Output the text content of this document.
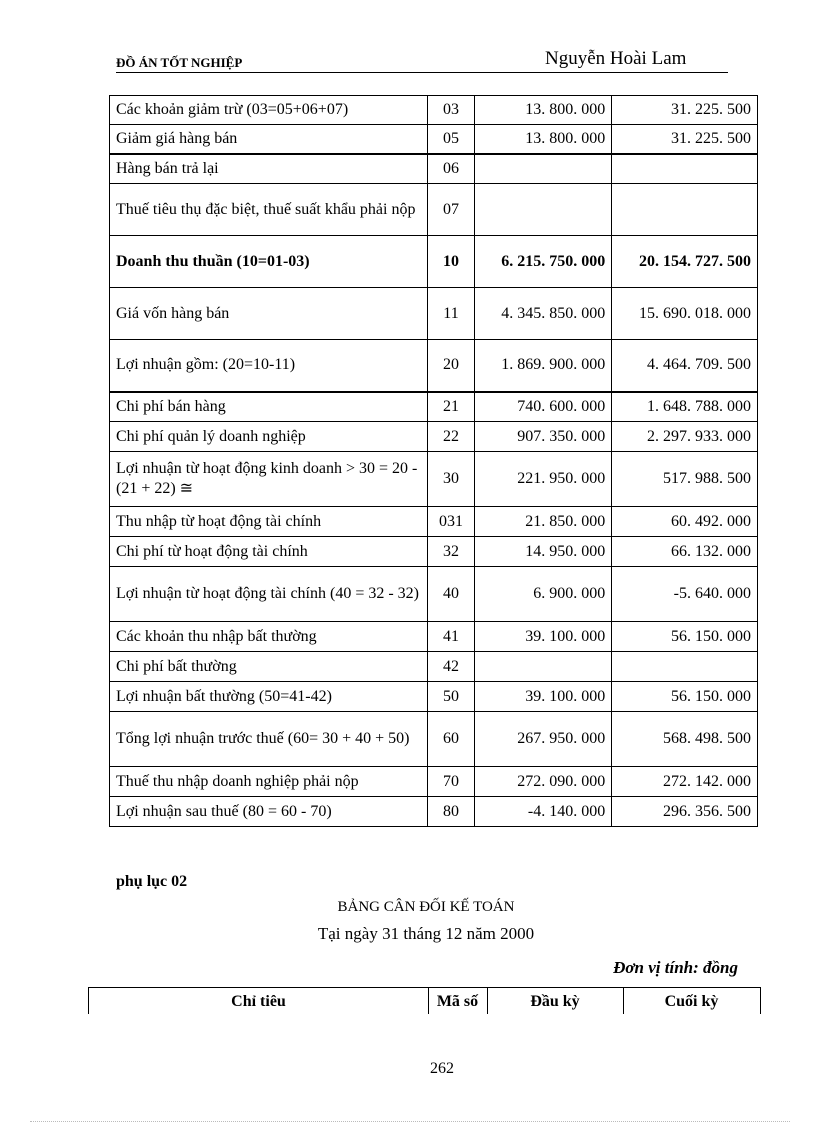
ĐỒ ÁN TỐT NGHIỆP	Nguyễn Hoài Lam
Các khoản giảm trừ (03=05+06+07)	03	13. 800. 000	31. 225. 500
Giảm giá hàng bán	05	13. 800. 000	31. 225. 500
Hàng bán trả lại	06		
Thuế tiêu thụ đặc biệt, thuế suất khẩu phải nộp	07		
Doanh thu thuần (10=01-03)	10	6. 215. 750. 000	20. 154. 727. 500
Giá vốn hàng bán	11	4. 345. 850. 000	15. 690. 018. 000
Lợi nhuận gồm: (20=10-11)	20	1. 869. 900. 000	4. 464. 709. 500
Chi phí bán hàng	21	740. 600. 000	1. 648. 788. 000
Chi phí quản lý doanh nghiệp	22	907. 350. 000	2. 297. 933. 000
Lợi nhuận từ hoạt động kinh doanh > 30 = 20 - (21 + 22) ≅	30	221. 950. 000	517. 988. 500
Thu nhập từ hoạt động tài chính	031	21. 850. 000	60. 492. 000
Chi phí từ hoạt động tài chính	32	14. 950. 000	66. 132. 000
Lợi nhuận từ hoạt động tài chính (40 = 32 - 32)	40	6. 900. 000	-5. 640. 000
Các khoản thu nhập bất thường	41	39. 100. 000	56. 150. 000
Chi phí bất thường	42		
Lợi nhuận bất thường (50=41-42)	50	39. 100. 000	56. 150. 000
Tổng lợi nhuận trước thuế (60= 30 + 40 + 50)	60	267. 950. 000	568. 498. 500
Thuế thu nhập doanh nghiệp phải nộp	70	272. 090. 000	272. 142. 000
Lợi nhuận sau thuế (80 = 60 - 70)	80	-4. 140. 000	296. 356. 500
phụ lục 02
BẢNG CÂN ĐỐI KẾ TOÁN
Tại ngày 31 tháng 12 năm 2000
Đơn vị tính: đồng
Chỉ tiêu	Mã số	Đầu kỳ	Cuối kỳ
262
